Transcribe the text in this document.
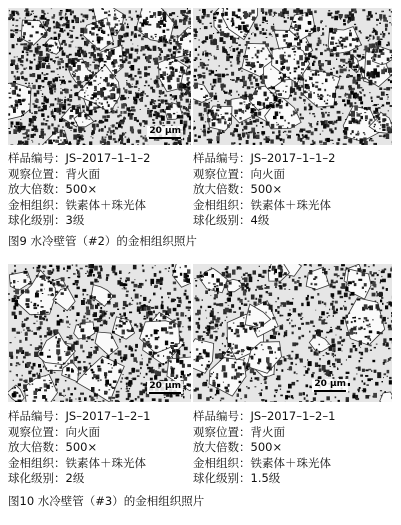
20 μm
样品编号：JS–2017–1–1–2
观察位置：背火面
放大倍数：500×
金相组织：铁素体＋珠光体
球化级别：3级
样品编号：JS–2017–1–1–2
观察位置：向火面
放大倍数：500×
金相组织：铁素体＋珠光体
球化级别：4级
图9 水冷壁管（#2）的金相组织照片
20 μm	20 μm
样品编号：JS–2017–1–2–1
观察位置：向火面
放大倍数：500×
金相组织：铁素体＋珠光体
球化级别：2级
样品编号：JS–2017–1–2–1
观察位置：背火面
放大倍数：500×
金相组织：铁素体＋珠光体
球化级别：1.5级
图10 水冷壁管（#3）的金相组织照片
